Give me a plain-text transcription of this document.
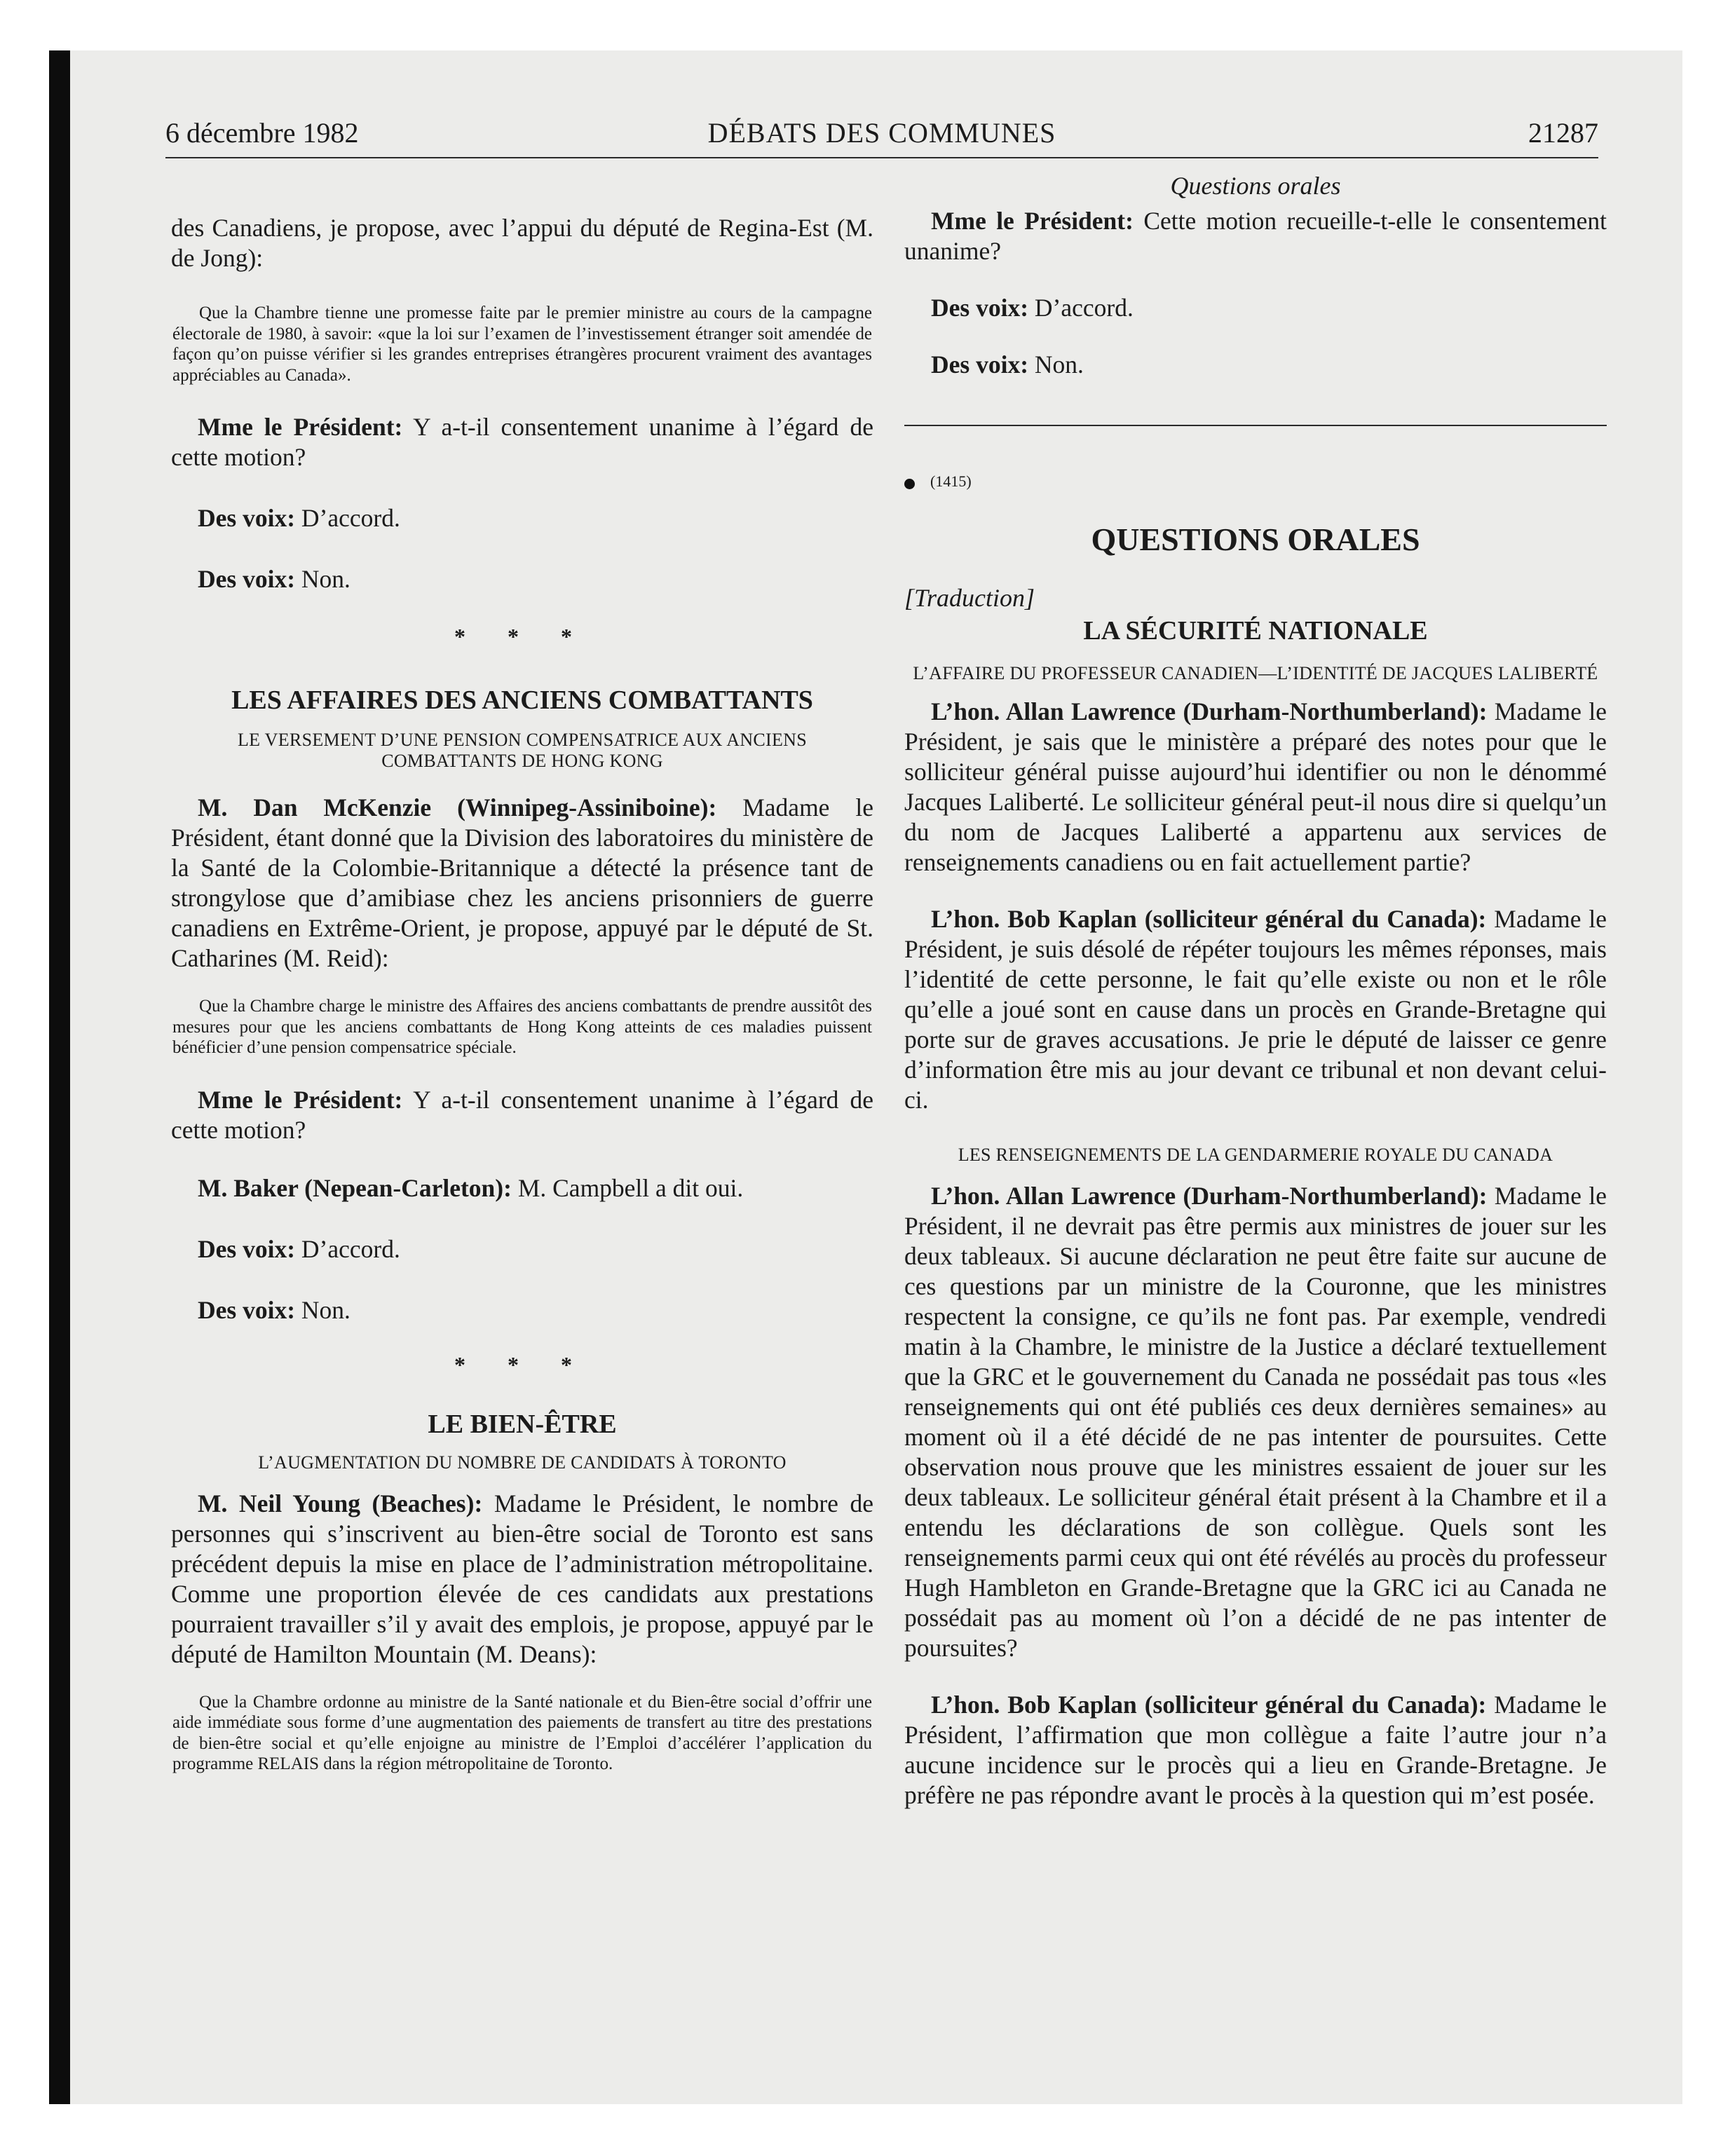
6 décembre 1982	DÉBATS DES COMMUNES	21287

des Canadiens, je propose, avec l’appui du député de Regina-Est (M. de Jong):

Que la Chambre tienne une promesse faite par le premier ministre au cours de la campagne électorale de 1980, à savoir: «que la loi sur l’examen de l’investissement étranger soit amendée de façon qu’on puisse vérifier si les grandes entreprises étrangères procurent vraiment des avantages appréciables au Canada».

Mme le Président: Y a-t-il consentement unanime à l’égard de cette motion?

Des voix: D’accord.

Des voix: Non.

* * *
LES AFFAIRES DES ANCIENS COMBATTANTS
LE VERSEMENT D’UNE PENSION COMPENSATRICE AUX ANCIENS COMBATTANTS DE HONG KONG

M. Dan McKenzie (Winnipeg-Assiniboine): Madame le Président, étant donné que la Division des laboratoires du ministère de la Santé de la Colombie-Britannique a détecté la présence tant de strongylose que d’amibiase chez les anciens prisonniers de guerre canadiens en Extrême-Orient, je propose, appuyé par le député de St. Catharines (M. Reid):

Que la Chambre charge le ministre des Affaires des anciens combattants de prendre aussitôt des mesures pour que les anciens combattants de Hong Kong atteints de ces maladies puissent bénéficier d’une pension compensatrice spéciale.

Mme le Président: Y a-t-il consentement unanime à l’égard de cette motion?

M. Baker (Nepean-Carleton): M. Campbell a dit oui.

Des voix: D’accord.

Des voix: Non.

* * *
LE BIEN-ÊTRE
L’AUGMENTATION DU NOMBRE DE CANDIDATS À TORONTO

M. Neil Young (Beaches): Madame le Président, le nombre de personnes qui s’inscrivent au bien-être social de Toronto est sans précédent depuis la mise en place de l’administration métropolitaine. Comme une proportion élevée de ces candidats aux prestations pourraient travailler s’il y avait des emplois, je propose, appuyé par le député de Hamilton Mountain (M. Deans):

Que la Chambre ordonne au ministre de la Santé nationale et du Bien-être social d’offrir une aide immédiate sous forme d’une augmentation des paiements de transfert au titre des prestations de bien-être social et qu’elle enjoigne au ministre de l’Emploi d’accélérer l’application du programme RELAIS dans la région métropolitaine de Toronto.

Questions orales

Mme le Président: Cette motion recueille-t-elle le consentement unanime?

Des voix: D’accord.

Des voix: Non.

(1415)
QUESTIONS ORALES
[Traduction]
LA SÉCURITÉ NATIONALE
L’AFFAIRE DU PROFESSEUR CANADIEN—L’IDENTITÉ DE JACQUES LALIBERTÉ

L’hon. Allan Lawrence (Durham-Northumberland): Madame le Président, je sais que le ministère a préparé des notes pour que le solliciteur général puisse aujourd’hui identifier ou non le dénommé Jacques Laliberté. Le solliciteur général peut-il nous dire si quelqu’un du nom de Jacques Laliberté a appartenu aux services de renseignements canadiens ou en fait actuellement partie?

L’hon. Bob Kaplan (solliciteur général du Canada): Madame le Président, je suis désolé de répéter toujours les mêmes réponses, mais l’identité de cette personne, le fait qu’elle existe ou non et le rôle qu’elle a joué sont en cause dans un procès en Grande-Bretagne qui porte sur de graves accusations. Je prie le député de laisser ce genre d’information être mis au jour devant ce tribunal et non devant celui-ci.

LES RENSEIGNEMENTS DE LA GENDARMERIE ROYALE DU CANADA

L’hon. Allan Lawrence (Durham-Northumberland): Madame le Président, il ne devrait pas être permis aux ministres de jouer sur les deux tableaux. Si aucune déclaration ne peut être faite sur aucune de ces questions par un ministre de la Couronne, que les ministres respectent la consigne, ce qu’ils ne font pas. Par exemple, vendredi matin à la Chambre, le ministre de la Justice a déclaré textuellement que la GRC et le gouvernement du Canada ne possédait pas tous «les renseignements qui ont été publiés ces deux dernières semaines» au moment où il a été décidé de ne pas intenter de poursuites. Cette observation nous prouve que les ministres essaient de jouer sur les deux tableaux. Le solliciteur général était présent à la Chambre et il a entendu les déclarations de son collègue. Quels sont les renseignements parmi ceux qui ont été révélés au procès du professeur Hugh Hambleton en Grande-Bretagne que la GRC ici au Canada ne possédait pas au moment où l’on a décidé de ne pas intenter de poursuites?

L’hon. Bob Kaplan (solliciteur général du Canada): Madame le Président, l’affirmation que mon collègue a faite l’autre jour n’a aucune incidence sur le procès qui a lieu en Grande-Bretagne. Je préfère ne pas répondre avant le procès à la question qui m’est posée.
